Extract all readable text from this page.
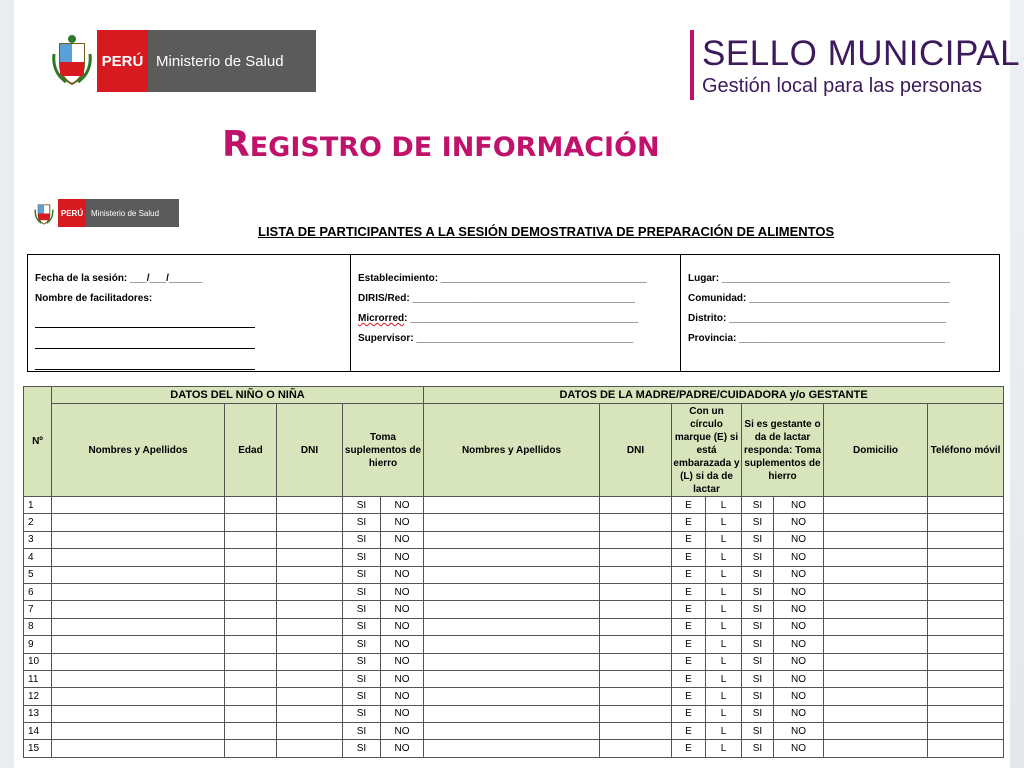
PERÚ Ministerio de Salud	SELLO MUNICIPAL
Gestión local para las personas
REGISTRO DE INFORMACIÓN
PERÚ Ministerio de Salud
LISTA DE PARTICIPANTES A LA SESIÓN DEMOSTRATIVA DE PREPARACIÓN DE ALIMENTOS
Fecha de la sesión: ___/___/______
Nombre de facilitadores:
Establecimiento: _____________________________________
DIRIS/Red: ________________________________________
Microrred: _________________________________________
Supervisor: _______________________________________
Lugar: _________________________________________
Comunidad: ____________________________________
Distrito: _______________________________________
Provincia: _____________________________________
Nº	DATOS DEL NIÑO O NIÑA					DATOS DE LA MADRE/PADRE/CUIDADORA y/o GESTANTE							
	Nombres y Apellidos	Edad	DNI	Toma suplementos de hierro		Nombres y Apellidos	DNI	Con un círculo marque (E) si está embarazada y (L) si da de lactar		Si es gestante o da de lactar responda: Toma suplementos de hierro		Domicilio	Teléfono móvil
1				SI	NO			E	L	SI	NO		
2				SI	NO			E	L	SI	NO		
3				SI	NO			E	L	SI	NO		
4				SI	NO			E	L	SI	NO		
5				SI	NO			E	L	SI	NO		
6				SI	NO			E	L	SI	NO		
7				SI	NO			E	L	SI	NO		
8				SI	NO			E	L	SI	NO		
9				SI	NO			E	L	SI	NO		
10				SI	NO			E	L	SI	NO		
11				SI	NO			E	L	SI	NO		
12				SI	NO			E	L	SI	NO		
13				SI	NO			E	L	SI	NO		
14				SI	NO			E	L	SI	NO		
15				SI	NO			E	L	SI	NO		
